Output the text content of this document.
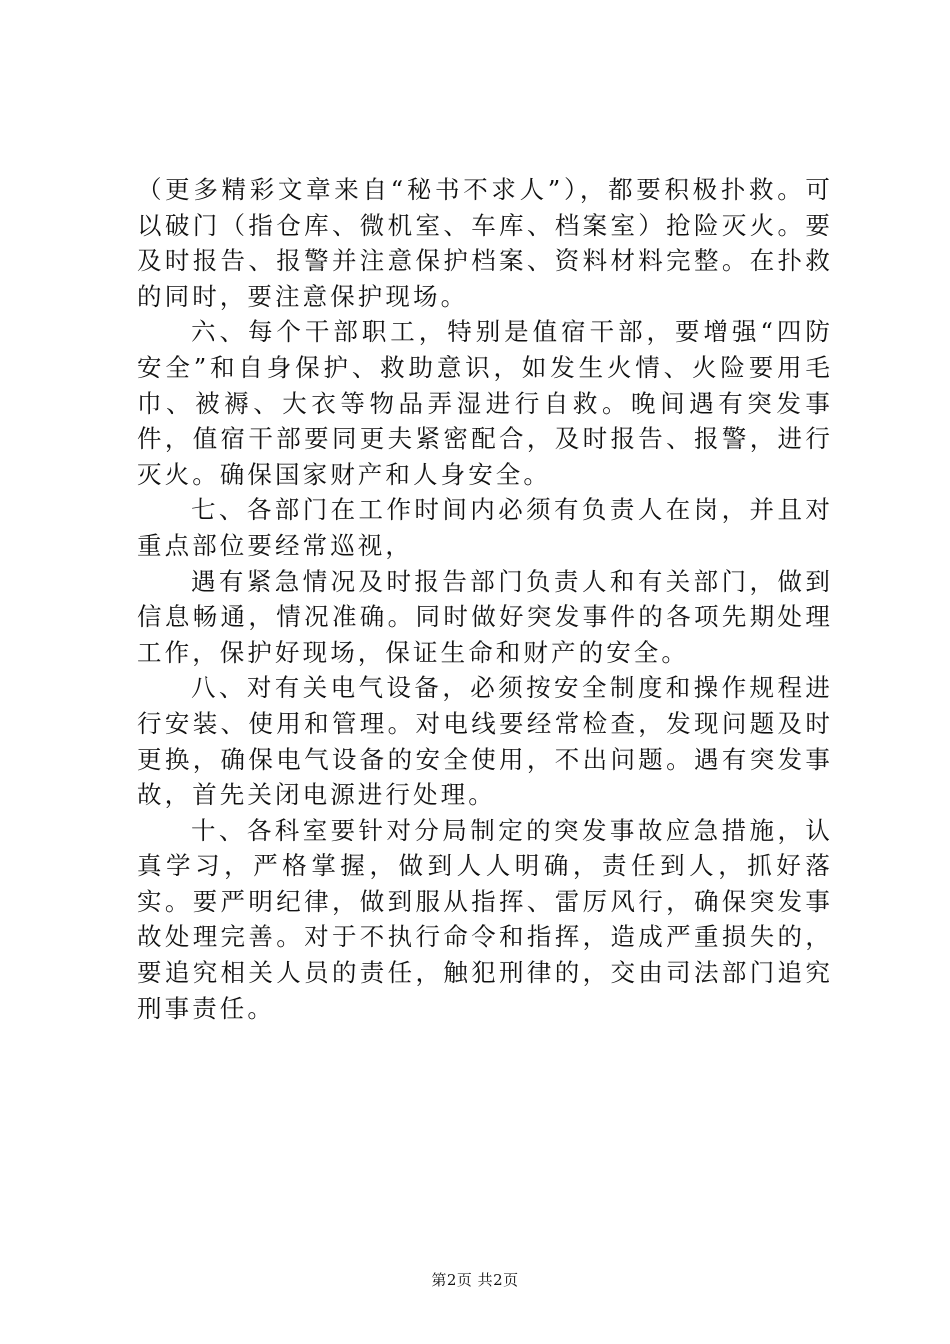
（更多精彩文章来自“秘书不求人”），都要积极扑救。可以破门（指仓库、微机室、车库、档案室）抢险灭火。要及时报告、报警并注意保护档案、资料材料完整。在扑救的同时，要注意保护现场。

六、每个干部职工，特别是值宿干部，要增强“四防安全”和自身保护、救助意识，如发生火情、火险要用毛巾、被褥、大衣等物品弄湿进行自救。晚间遇有突发事件，值宿干部要同更夫紧密配合，及时报告、报警，进行灭火。确保国家财产和人身安全。

七、各部门在工作时间内必须有负责人在岗，并且对重点部位要经常巡视，

遇有紧急情况及时报告部门负责人和有关部门，做到信息畅通，情况准确。同时做好突发事件的各项先期处理工作，保护好现场，保证生命和财产的安全。

八、对有关电气设备，必须按安全制度和操作规程进行安装、使用和管理。对电线要经常检查，发现问题及时更换，确保电气设备的安全使用，不出问题。遇有突发事故，首先关闭电源进行处理。

十、各科室要针对分局制定的突发事故应急措施，认真学习，严格掌握，做到人人明确，责任到人，抓好落实。要严明纪律，做到服从指挥、雷厉风行，确保突发事故处理完善。对于不执行命令和指挥，造成严重损失的，要追究相关人员的责任，触犯刑律的，交由司法部门追究刑事责任。

第2页 共2页
